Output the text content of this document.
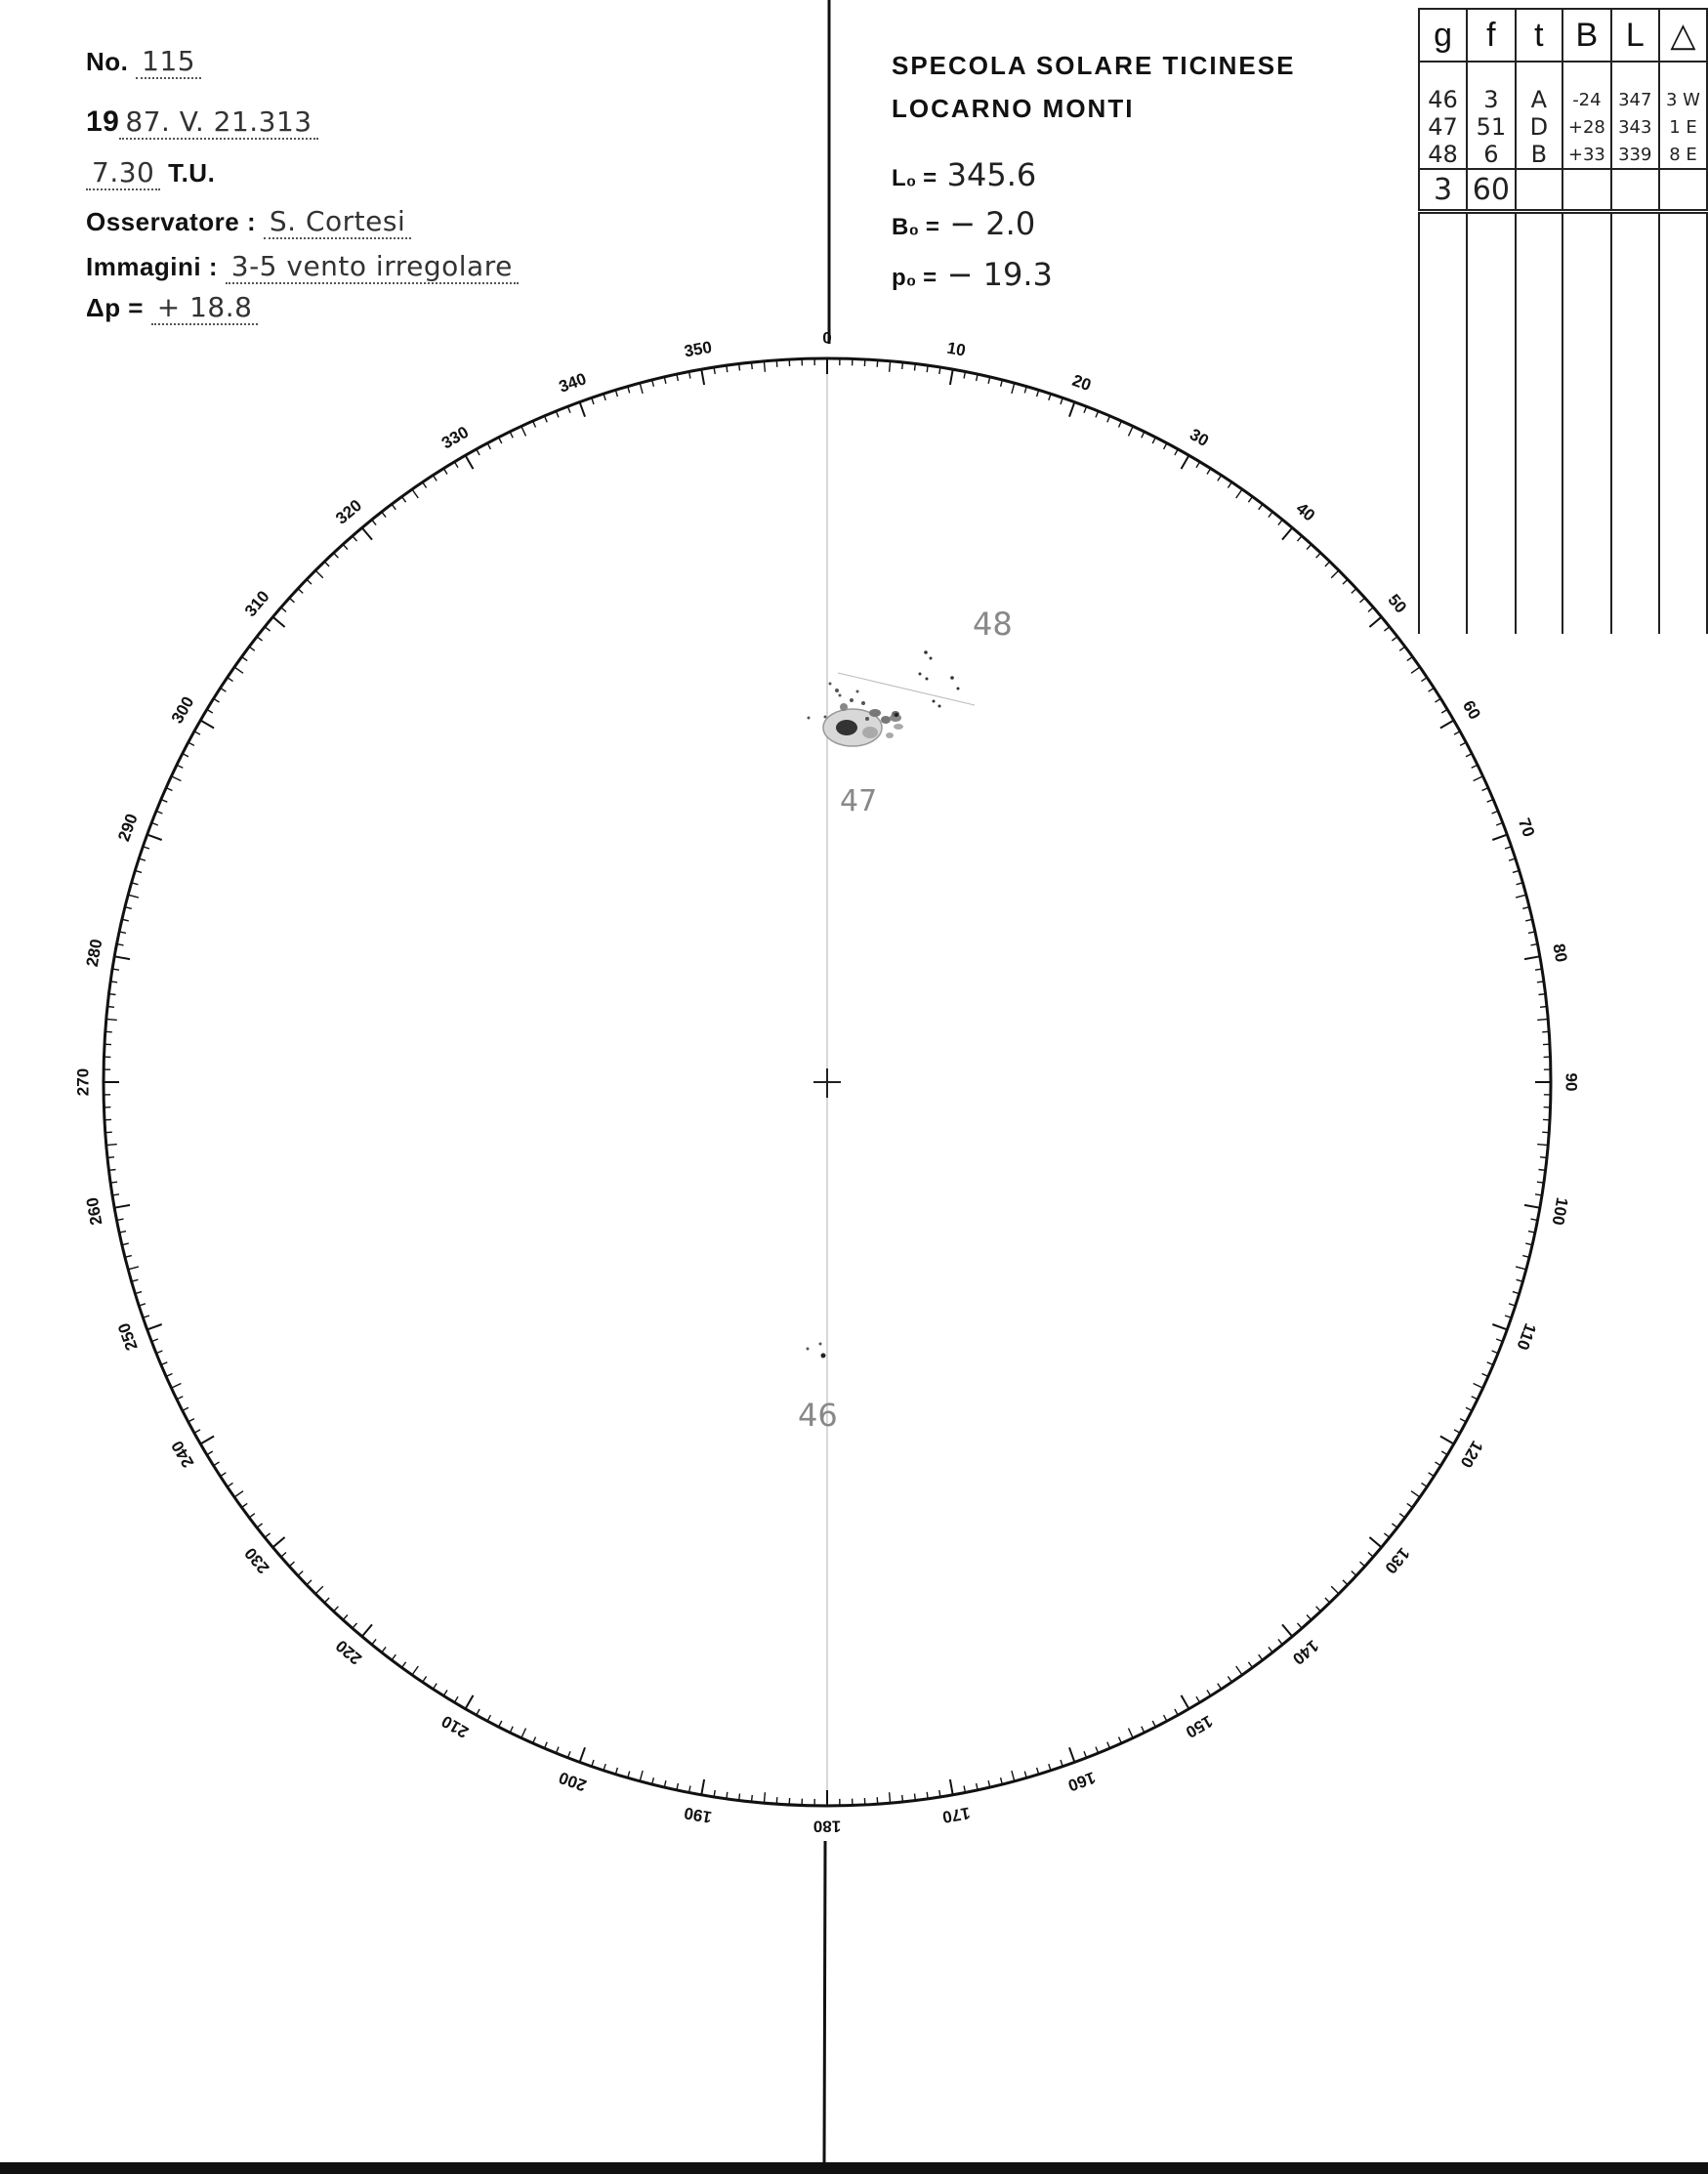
No. 115
19 87. V. 21.313
7.30 T.U.
Osservatore : S. Cortesi
Immagini : 3-5 vento irregolare
Δp = + 18.8
SPECOLA SOLARE TICINESE
LOCARNO MONTI
L₀ = 345.6
B₀ = − 2.0
p₀ = − 19.3
g	f	t	B	L	△

46	3	A	-24	347	3 W
47	51	D	+28	343	1 E
48	6	B	+33	339	8 E
3	60				

0
10
20
30
40
50
60
70
80
90
100
110
120
130
140
150
160
170
180
190
200
210
220
230
240
250
260
270
280
290
300
310
320
330
340
350
48
47
46
